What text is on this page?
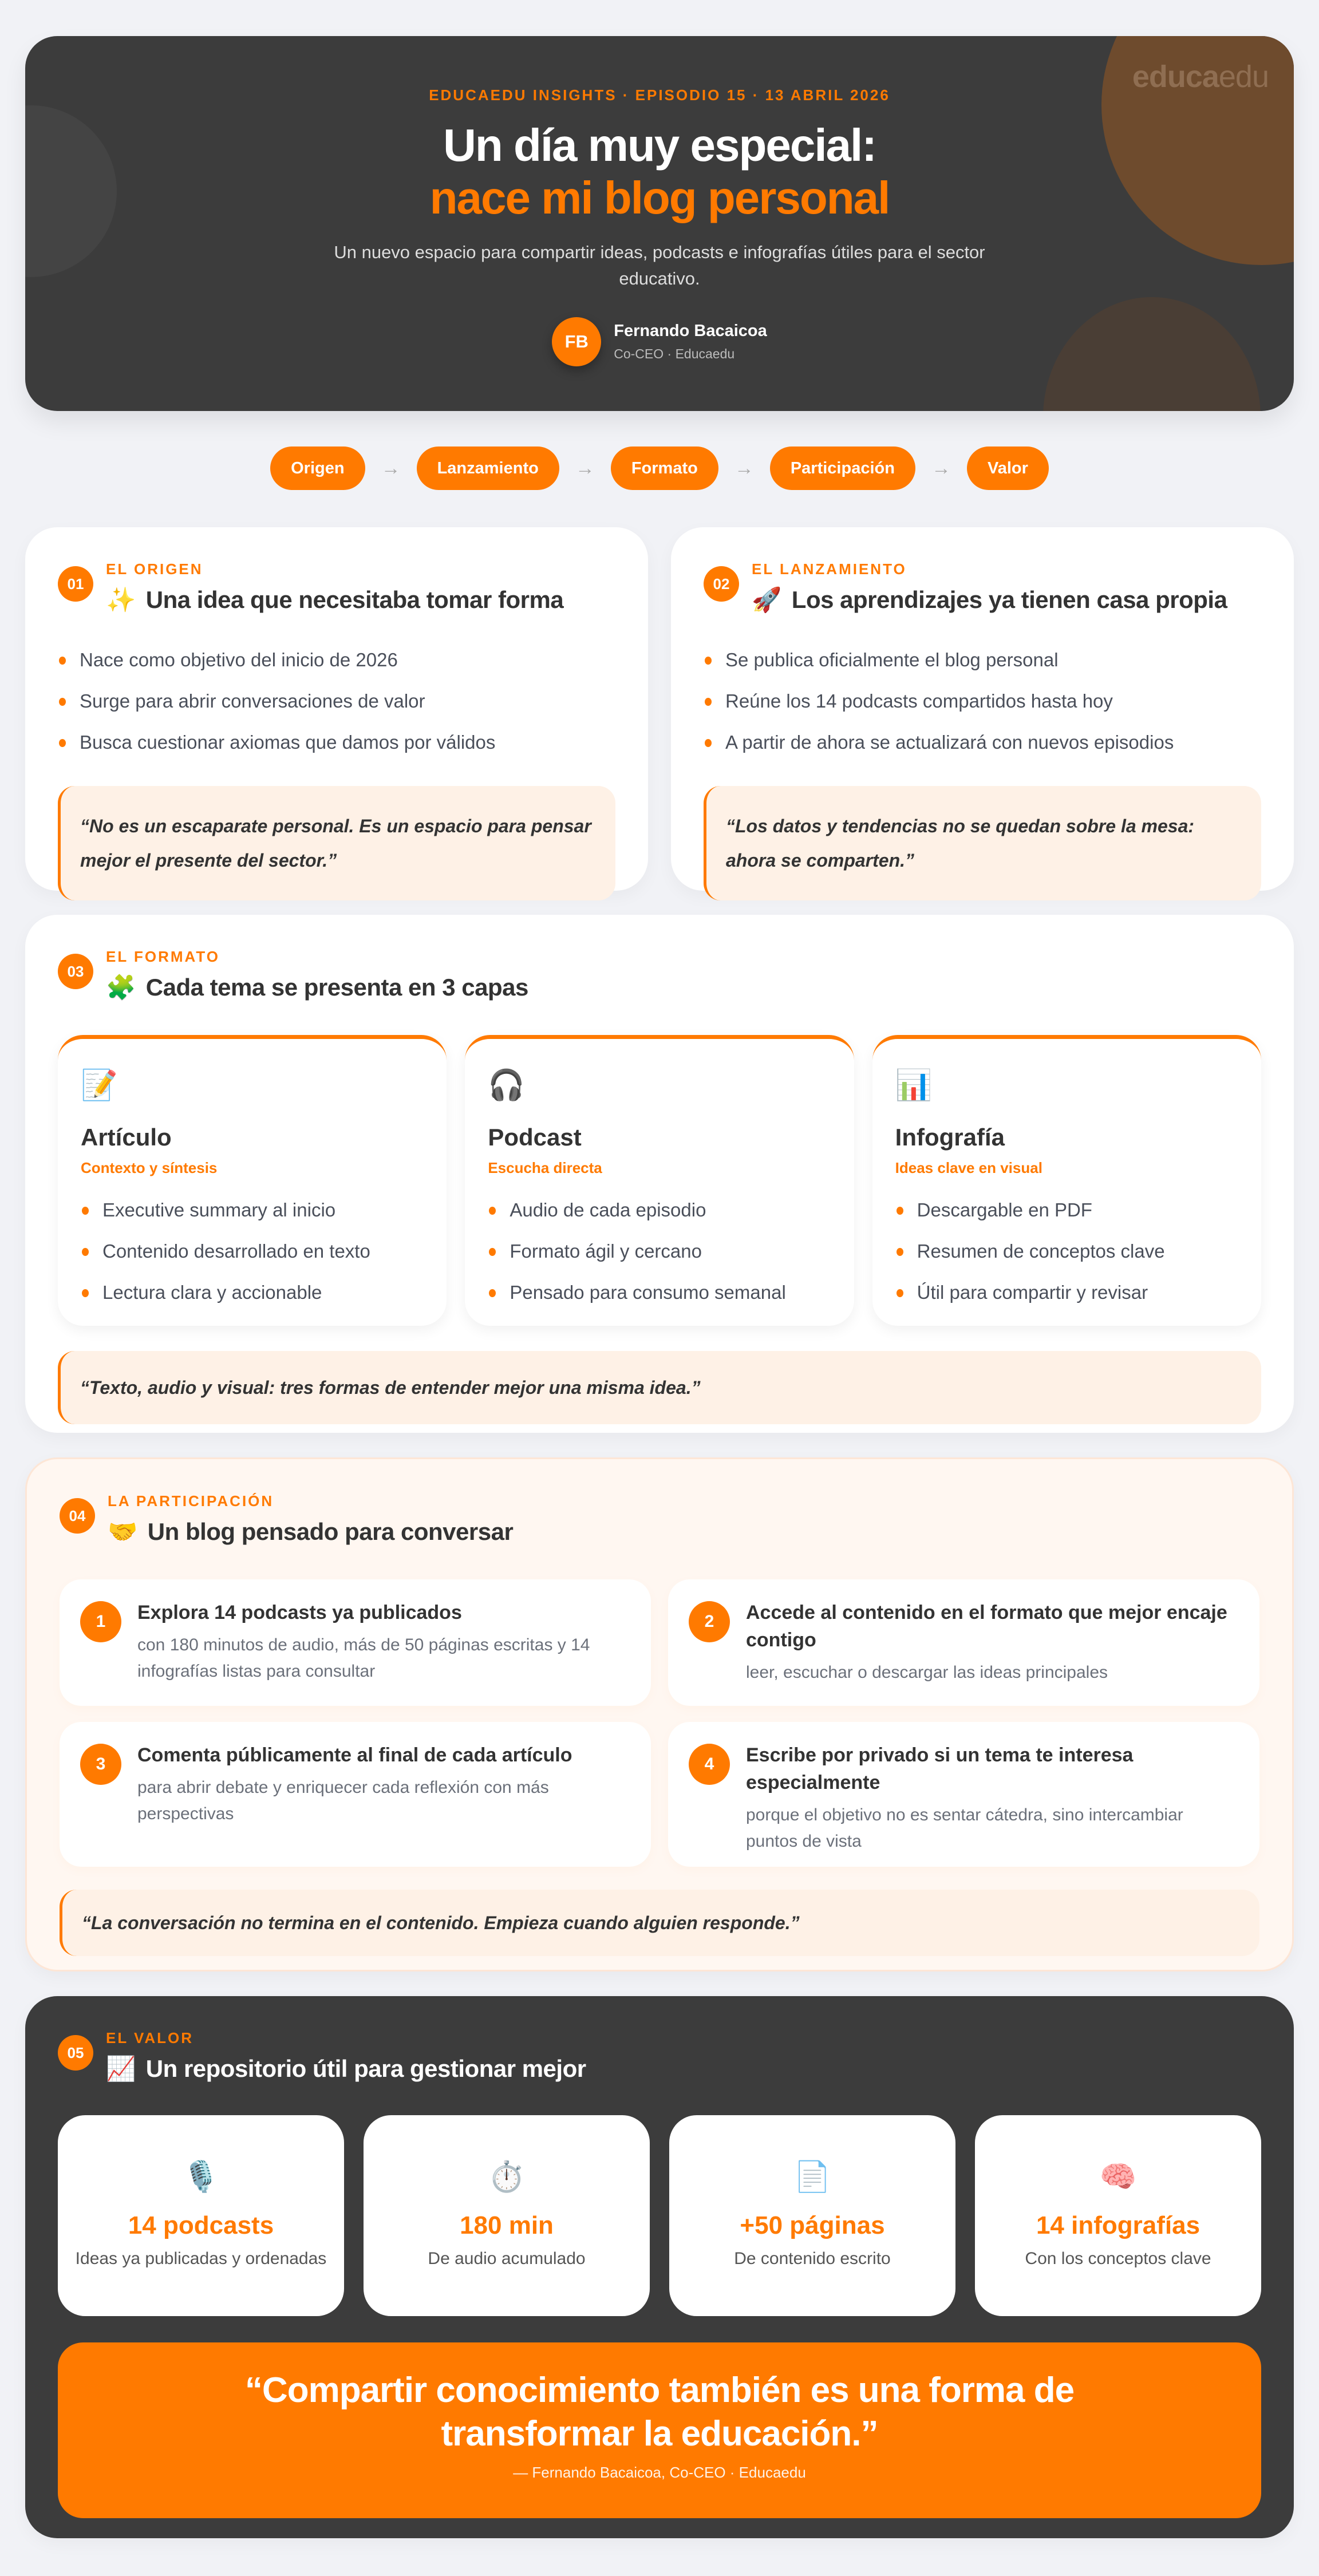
educaedu
EDUCAEDU INSIGHTS · EPISODIO 15 · 13 ABRIL 2026
Un día muy especial:
nace mi blog personal

Un nuevo espacio para compartir ideas, podcasts e infografías útiles para el sector educativo.

FB
Fernando Bacaicoa
Co-CEO · Educaedu
Origen	→	Lanzamiento	→	Formato	→	Participación	→	Valor
01
EL ORIGEN
✨ Una idea que necesitaba tomar forma
Nace como objetivo del inicio de 2026
Surge para abrir conversaciones de valor
Busca cuestionar axiomas que damos por válidos
“No es un escaparate personal. Es un espacio para pensar mejor el presente del sector.”
02
EL LANZAMIENTO
🚀 Los aprendizajes ya tienen casa propia
Se publica oficialmente el blog personal
Reúne los 14 podcasts compartidos hasta hoy
A partir de ahora se actualizará con nuevos episodios
“Los datos y tendencias no se quedan sobre la mesa: ahora se comparten.”
03
EL FORMATO
🧩 Cada tema se presenta en 3 capas
📝
Artículo
Contexto y síntesis
Executive summary al inicio
Contenido desarrollado en texto
Lectura clara y accionable
🎧
Podcast
Escucha directa
Audio de cada episodio
Formato ágil y cercano
Pensado para consumo semanal
📊
Infografía
Ideas clave en visual
Descargable en PDF
Resumen de conceptos clave
Útil para compartir y revisar
“Texto, audio y visual: tres formas de entender mejor una misma idea.”
04
LA PARTICIPACIÓN
🤝 Un blog pensado para conversar
1	Explora 14 podcasts ya publicados
con 180 minutos de audio, más de 50 páginas escritas y 14 infografías listas para consultar
2	Accede al contenido en el formato que mejor encaje contigo
leer, escuchar o descargar las ideas principales
3	Comenta públicamente al final de cada artículo
para abrir debate y enriquecer cada reflexión con más perspectivas
4	Escribe por privado si un tema te interesa especialmente
porque el objetivo no es sentar cátedra, sino intercambiar puntos de vista
“La conversación no termina en el contenido. Empieza cuando alguien responde.”
05
EL VALOR
📈 Un repositorio útil para gestionar mejor
🎙️
14 podcasts
Ideas ya publicadas y ordenadas
⏱️
180 min
De audio acumulado
📄
+50 páginas
De contenido escrito
🧠
14 infografías
Con los conceptos clave
“Compartir conocimiento también es una forma de transformar la educación.”
— Fernando Bacaicoa, Co-CEO · Educaedu
